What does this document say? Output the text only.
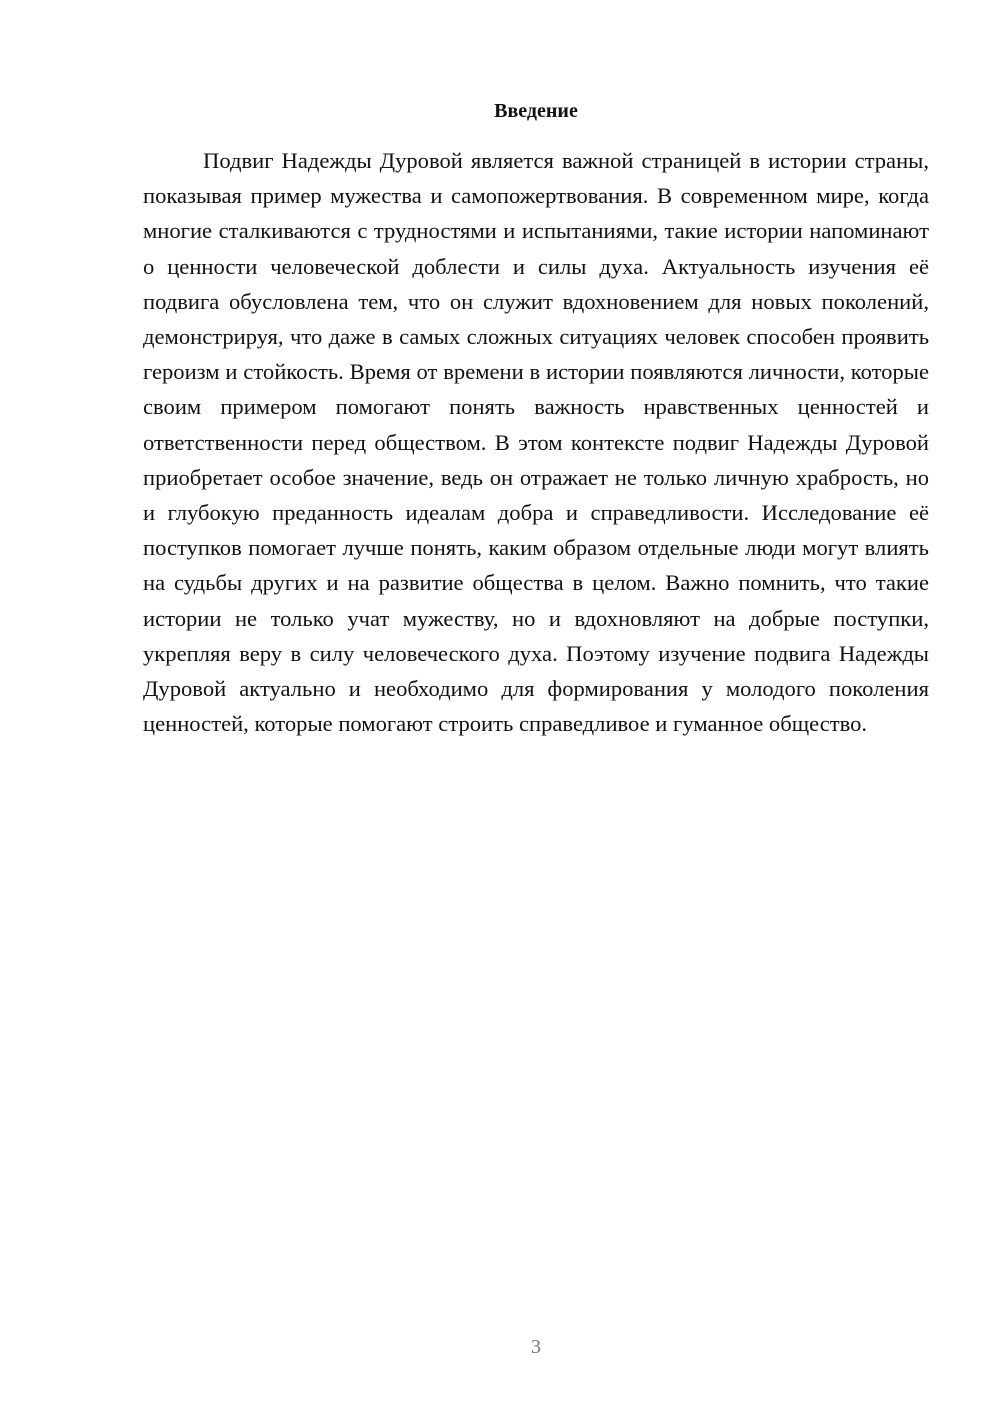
Введение

Подвиг Надежды Дуровой является важной страницей в истории страны, показывая пример мужества и самопожертвования. В современном мире, когда многие сталкиваются с трудностями и испытаниями, такие истории напоминают о ценности человеческой доблести и силы духа. Актуальность изучения её подвига обусловлена тем, что он служит вдохновением для новых поколений, демонстрируя, что даже в самых сложных ситуациях человек способен проявить героизм и стойкость. Время от времени в истории появляются личности, которые своим примером помогают понять важность нравственных ценностей и ответственности перед обществом. В этом контексте подвиг Надежды Дуровой приобретает особое значение, ведь он отражает не только личную храбрость, но и глубокую преданность идеалам добра и справедливости. Исследование её поступков помогает лучше понять, каким образом отдельные люди могут влиять на судьбы других и на развитие общества в целом. Важно помнить, что такие истории не только учат мужеству, но и вдохновляют на добрые поступки, укрепляя веру в силу человеческого духа. Поэтому изучение подвига Надежды Дуровой актуально и необходимо для формирования у молодого поколения ценностей, которые помогают строить справедливое и гуманное общество.

3
